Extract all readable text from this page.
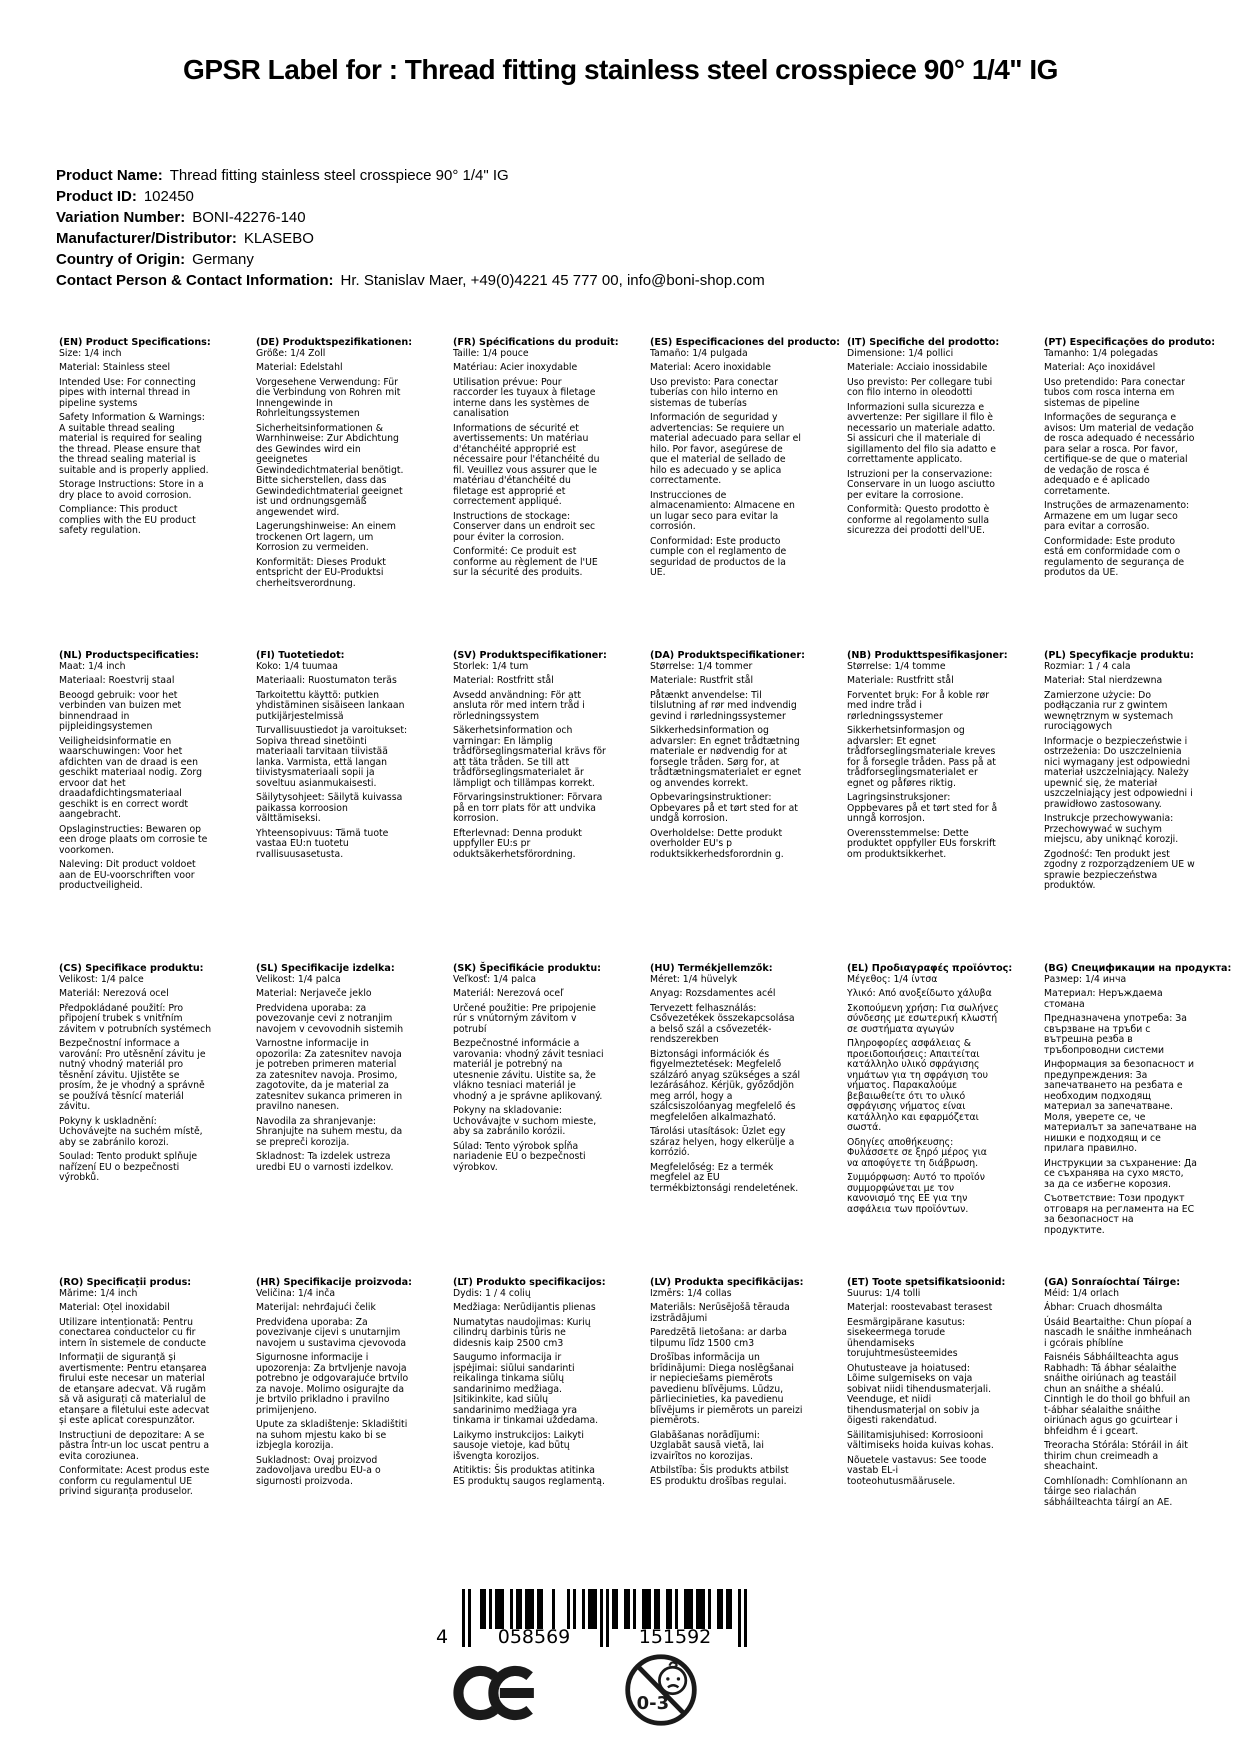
GPSR Label for : Thread fitting stainless steel crosspiece 90° 1/4" IG
Product Name: Thread fitting stainless steel crosspiece 90° 1/4" IG
Product ID: 102450
Variation Number: BONI-42276-140
Manufacturer/Distributor: KLASEBO
Country of Origin: Germany
Contact Person & Contact Information: Hr. Stanislav Maer, +49(0)4221 45 777 00, info@boni-shop.com
(EN) Product Specifications:

Size: 1/4 inch

Material: Stainless steel

Intended Use: For connecting pipes with internal thread in pipeline systems

Safety Information & Warnings: A suitable thread sealing material is required for sealing the thread. Please ensure that the thread sealing material is suitable and is properly applied.

Storage Instructions: Store in a dry place to avoid corrosion.

Compliance: This product complies with the EU product safety regulation.

(DE) Produktspezifikationen:

Größe: 1/4 Zoll

Material: Edelstahl

Vorgesehene Verwendung: Für die Verbindung von Rohren mit Innengewinde in Rohrleitungssystemen

Sicherheitsinformationen & Warnhinweise: Zur Abdichtung des Gewindes wird ein geeignetes Gewindedichtmaterial benötigt. Bitte sicherstellen, dass das Gewindedichtmaterial geeignet ist und ordnungsgemäß angewendet wird.

Lagerungshinweise: An einem trockenen Ort lagern, um Korrosion zu vermeiden.

Konformität: Dieses Produkt entspricht der EU-Produktsi cherheitsverordnung.

(FR) Spécifications du produit:

Taille: 1/4 pouce

Matériau: Acier inoxydable

Utilisation prévue: Pour raccorder les tuyaux à filetage interne dans les systèmes de canalisation

Informations de sécurité et avertissements: Un matériau d'étanchéité approprié est nécessaire pour l'étanchéité du fil. Veuillez vous assurer que le matériau d'étanchéité du filetage est approprié et correctement appliqué.

Instructions de stockage: Conserver dans un endroit sec pour éviter la corrosion.

Conformité: Ce produit est conforme au règlement de l'UE sur la sécurité des produits.

(ES) Especificaciones del producto:

Tamaño: 1/4 pulgada

Material: Acero inoxidable

Uso previsto: Para conectar tuberías con hilo interno en sistemas de tuberías

Información de seguridad y advertencias: Se requiere un material adecuado para sellar el hilo. Por favor, asegúrese de que el material de sellado de hilo es adecuado y se aplica correctamente.

Instrucciones de almacenamiento: Almacene en un lugar seco para evitar la corrosión.

Conformidad: Este producto cumple con el reglamento de seguridad de productos de la UE.

(IT) Specifiche del prodotto:

Dimensione: 1/4 pollici

Materiale: Acciaio inossidabile

Uso previsto: Per collegare tubi con filo interno in oleodotti

Informazioni sulla sicurezza e avvertenze: Per sigillare il filo è necessario un materiale adatto. Si assicuri che il materiale di sigillamento del filo sia adatto e correttamente applicato.

Istruzioni per la conservazione: Conservare in un luogo asciutto per evitare la corrosione.

Conformità: Questo prodotto è conforme al regolamento sulla sicurezza dei prodotti dell'UE.

(PT) Especificações do produto:

Tamanho: 1/4 polegadas

Material: Aço inoxidável

Uso pretendido: Para conectar tubos com rosca interna em sistemas de pipeline

Informações de segurança e avisos: Um material de vedação de rosca adequado é necessário para selar a rosca. Por favor, certifique-se de que o material de vedação de rosca é adequado e é aplicado corretamente.

Instruções de armazenamento: Armazene em um lugar seco para evitar a corrosão.

Conformidade: Este produto está em conformidade com o regulamento de segurança de produtos da UE.

(NL) Productspecificaties:

Maat: 1/4 inch

Materiaal: Roestvrij staal

Beoogd gebruik: voor het verbinden van buizen met binnendraad in pijpleidingsystemen

Veiligheidsinformatie en waarschuwingen: Voor het afdichten van de draad is een geschikt materiaal nodig. Zorg ervoor dat het draadafdichtingsmateriaal geschikt is en correct wordt aangebracht.

Opslaginstructies: Bewaren op een droge plaats om corrosie te voorkomen.

Naleving: Dit product voldoet aan de EU-voorschriften voor productveiligheid.

(FI) Tuotetiedot:

Koko: 1/4 tuumaa

Materiaali: Ruostumaton teräs

Tarkoitettu käyttö: putkien yhdistäminen sisäiseen lankaan putkijärjestelmissä

Turvallisuustiedot ja varoitukset: Sopiva thread sinetöinti materiaali tarvitaan tiivistää lanka. Varmista, että langan tiivistysmateriaali sopii ja soveltuu asianmukaisesti.

Säilytysohjeet: Säilytä kuivassa paikassa korroosion välttämiseksi.

Yhteensopivuus: Tämä tuote vastaa EU:n tuotetu rvallisuusasetusta.

(SV) Produktspecifikationer:

Storlek: 1/4 tum

Material: Rostfritt stål

Avsedd användning: För att ansluta rör med intern tråd i rörledningssystem

Säkerhetsinformation och varningar: En lämplig trådförseglingsmaterial krävs för att täta tråden. Se till att trådförseglingsmaterialet är lämpligt och tillämpas korrekt.

Förvaringsinstruktioner: Förvara på en torr plats för att undvika korrosion.

Efterlevnad: Denna produkt uppfyller EU:s pr oduktsäkerhetsförordning.

(DA) Produktspecifikationer:

Størrelse: 1/4 tommer

Materiale: Rustfrit stål

Påtænkt anvendelse: Til tilslutning af rør med indvendig gevind i rørledningssystemer

Sikkerhedsinformation og advarsler: En egnet trådtætning materiale er nødvendig for at forsegle tråden. Sørg for, at trådtætningsmaterialet er egnet og anvendes korrekt.

Opbevaringsinstruktioner: Opbevares på et tørt sted for at undgå korrosion.

Overholdelse: Dette produkt overholder EU's p roduktsikkerhedsforordnin g.

(NB) Produkttspesifikasjoner:

Størrelse: 1/4 tomme

Materiale: Rustfritt stål

Forventet bruk: For å koble rør med indre tråd i rørledningssystemer

Sikkerhetsinformasjon og advarsler: Et egnet trådforseglingsmateriale kreves for å forsegle tråden. Pass på at trådforseglingsmaterialet er egnet og påføres riktig.

Lagringsinstruksjoner: Oppbevares på et tørt sted for å unngå korrosjon.

Overensstemmelse: Dette produktet oppfyller EUs forskrift om produktsikkerhet.

(PL) Specyfikacje produktu:

Rozmiar: 1 / 4 cala

Materiał: Stal nierdzewna

Zamierzone użycie: Do podłączania rur z gwintem wewnętrznym w systemach rurociągowych

Informacje o bezpieczeństwie i ostrzeżenia: Do uszczelnienia nici wymagany jest odpowiedni materiał uszczelniający. Należy upewnić się, że materiał uszczelniający jest odpowiedni i prawidłowo zastosowany.

Instrukcje przechowywania: Przechowywać w suchym miejscu, aby uniknąć korozji.

Zgodność: Ten produkt jest zgodny z rozporządzeniem UE w sprawie bezpieczeństwa produktów.

(CS) Specifikace produktu:

Velikost: 1/4 palce

Materiál: Nerezová ocel

Předpokládané použití: Pro připojení trubek s vnitřním závitem v potrubních systémech

Bezpečnostní informace a varování: Pro utěsnění závitu je nutný vhodný materiál pro těsnění závitu. Ujistěte se prosím, že je vhodný a správně se používá těsnící materiál závitu.

Pokyny k uskladnění: Uchovávejte na suchém místě, aby se zabránilo korozi.

Soulad: Tento produkt splňuje nařízení EU o bezpečnosti výrobků.

(SL) Specifikacije izdelka:

Velikost: 1/4 palca

Material: Nerjaveče jeklo

Predvidena uporaba: za povezovanje cevi z notranjim navojem v cevovodnih sistemih

Varnostne informacije in opozorila: Za zatesnitev navoja je potreben primeren material za zatesnitev navoja. Prosimo, zagotovite, da je material za zatesnitev sukanca primeren in pravilno nanesen.

Navodila za shranjevanje: Shranjujte na suhem mestu, da se prepreči korozija.

Skladnost: Ta izdelek ustreza uredbi EU o varnosti izdelkov.

(SK) Špecifikácie produktu:

Veľkosť: 1/4 palca

Materiál: Nerezová oceľ

Určené použitie: Pre pripojenie rúr s vnútorným závitom v potrubí

Bezpečnostné informácie a varovania: vhodný závit tesniaci materiál je potrebný na utesnenie závitu. Uistite sa, že vlákno tesniaci materiál je vhodný a je správne aplikovaný.

Pokyny na skladovanie: Uchovávajte v suchom mieste, aby sa zabránilo korózii.

Súlad: Tento výrobok spĺňa nariadenie EÚ o bezpečnosti výrobkov.

(HU) Termékjellemzők:

Méret: 1/4 hüvelyk

Anyag: Rozsdamentes acél

Tervezett felhasználás: Csővezetékek összekapcsolása a belső szál a csővezeték-rendszerekben

Biztonsági információk és figyelmeztetések: Megfelelő szálzáró anyag szükséges a szál lezárásához. Kérjük, győződjön meg arról, hogy a szálcsiszolóanyag megfelelő és megfelelően alkalmazható.

Tárolási utasítások: Üzlet egy száraz helyen, hogy elkerülje a korrózió.

Megfelelőség: Ez a termék megfelel az EU termékbiztonsági rendeletének.

(EL) Προδιαγραφές προϊόντος:

Μέγεθος: 1/4 ίντσα

Υλικό: Από ανοξείδωτο χάλυβα

Σκοπούμενη χρήση: Για σωλήνες σύνδεσης με εσωτερική κλωστή σε συστήματα αγωγών

Πληροφορίες ασφάλειας & προειδοποιήσεις: Απαιτείται κατάλληλο υλικό σφράγισης νημάτων για τη σφράγιση του νήματος. Παρακαλούμε βεβαιωθείτε ότι το υλικό σφράγισης νήματος είναι κατάλληλο και εφαρμόζεται σωστά.

Οδηγίες αποθήκευσης: Φυλάσσετε σε ξηρό μέρος για να αποφύγετε τη διάβρωση.

Συμμόρφωση: Αυτό το προϊόν συμμορφώνεται με τον κανονισμό της ΕΕ για την ασφάλεια των προϊόντων.

(BG) Спецификации на продукта:

Размер: 1/4 инча

Материал: Неръждаема стомана

Предназначена употреба: За свързване на тръби с вътрешна резба в тръбопроводни системи

Информация за безопасност и предупреждения: За запечатването на резбата е необходим подходящ материал за запечатване. Моля, уверете се, че материалът за запечатване на нишки е подходящ и се прилага правилно.

Инструкции за съхранение: Да се съхранява на сухо място, за да се избегне корозия.

Съответствие: Този продукт отговаря на регламента на ЕС за безопасност на продуктите.

(RO) Specificații produs:

Mărime: 1/4 inch

Material: Oțel inoxidabil

Utilizare intenționată: Pentru conectarea conductelor cu fir intern în sistemele de conducte

Informații de siguranță și avertismente: Pentru etanșarea firului este necesar un material de etanșare adecvat. Vă rugăm să vă asigurați că materialul de etanșare a filetului este adecvat și este aplicat corespunzător.

Instrucțiuni de depozitare: A se păstra într-un loc uscat pentru a evita coroziunea.

Conformitate: Acest produs este conform cu regulamentul UE privind siguranța produselor.

(HR) Specifikacije proizvoda:

Veličina: 1/4 inča

Materijal: nehrđajući čelik

Predviđena uporaba: Za povezivanje cijevi s unutarnjim navojem u sustavima cjevovoda

Sigurnosne informacije i upozorenja: Za brtvljenje navoja potrebno je odgovarajuće brtvilo za navoje. Molimo osigurajte da je brtvilo prikladno i pravilno primijenjeno.

Upute za skladištenje: Skladištiti na suhom mjestu kako bi se izbjegla korozija.

Sukladnost: Ovaj proizvod zadovoljava uredbu EU-a o sigurnosti proizvoda.

(LT) Produkto specifikacijos:

Dydis: 1 / 4 colių

Medžiaga: Nerūdijantis plienas

Numatytas naudojimas: Kurių cilindrų darbinis tūris ne didesnis kaip 2500 cm3

Saugumo informacija ir įspėjimai: siūlui sandarinti reikalinga tinkama siūlų sandarinimo medžiaga. Įsitikinkite, kad siūlų sandarinimo medžiaga yra tinkama ir tinkamai uždedama.

Laikymo instrukcijos: Laikyti sausoje vietoje, kad būtų išvengta korozijos.

Atitiktis: Šis produktas atitinka ES produktų saugos reglamentą.

(LV) Produkta specifikācijas:

Izmērs: 1/4 collas

Materiāls: Nerūsējošā tērauda izstrādājumi

Paredzētā lietošana: ar darba tilpumu līdz 1500 cm3

Drošības informācija un brīdinājumi: Diega noslēgšanai ir nepieciešams piemērots pavedienu blīvējums. Lūdzu, pārliecinieties, ka pavedienu blīvējums ir piemērots un pareizi piemērots.

Glabāšanas norādījumi: Uzglabāt sausā vietā, lai izvairītos no korozijas.

Atbilstība: Šis produkts atbilst ES produktu drošības regulai.

(ET) Toote spetsifikatsioonid:

Suurus: 1/4 tolli

Materjal: roostevabast terasest

Eesmärgipärane kasutus: sisekeermega torude ühendamiseks torujuhtmesüsteemides

Ohutusteave ja hoiatused: Lõime sulgemiseks on vaja sobivat niidi tihendusmaterjali. Veenduge, et niidi tihendusmaterjal on sobiv ja õigesti rakendatud.

Säilitamisjuhised: Korrosiooni vältimiseks hoida kuivas kohas.

Nõuetele vastavus: See toode vastab EL-i tooteohutusmäärusele.

(GA) Sonraíochtaí Táirge:

Méid: 1/4 orlach

Ábhar: Cruach dhosmálta

Úsáid Beartaithe: Chun píopaí a nascadh le snáithe inmheánach i gcórais phíblíne

Faisnéis Sábháilteachta agus Rabhadh: Tá ábhar séalaithe snáithe oiriúnach ag teastáil chun an snáithe a shéalú. Cinntigh le do thoil go bhfuil an t-ábhar séalaithe snáithe oiriúnach agus go gcuirtear i bhfeidhm é i gceart.

Treoracha Stórála: Stóráil in áit thirim chun creimeadh a sheachaint.

Comhlíonadh: Comhlíonann an táirge seo rialachán sábháilteachta táirgí an AE.

4	058569	151592
0-3
